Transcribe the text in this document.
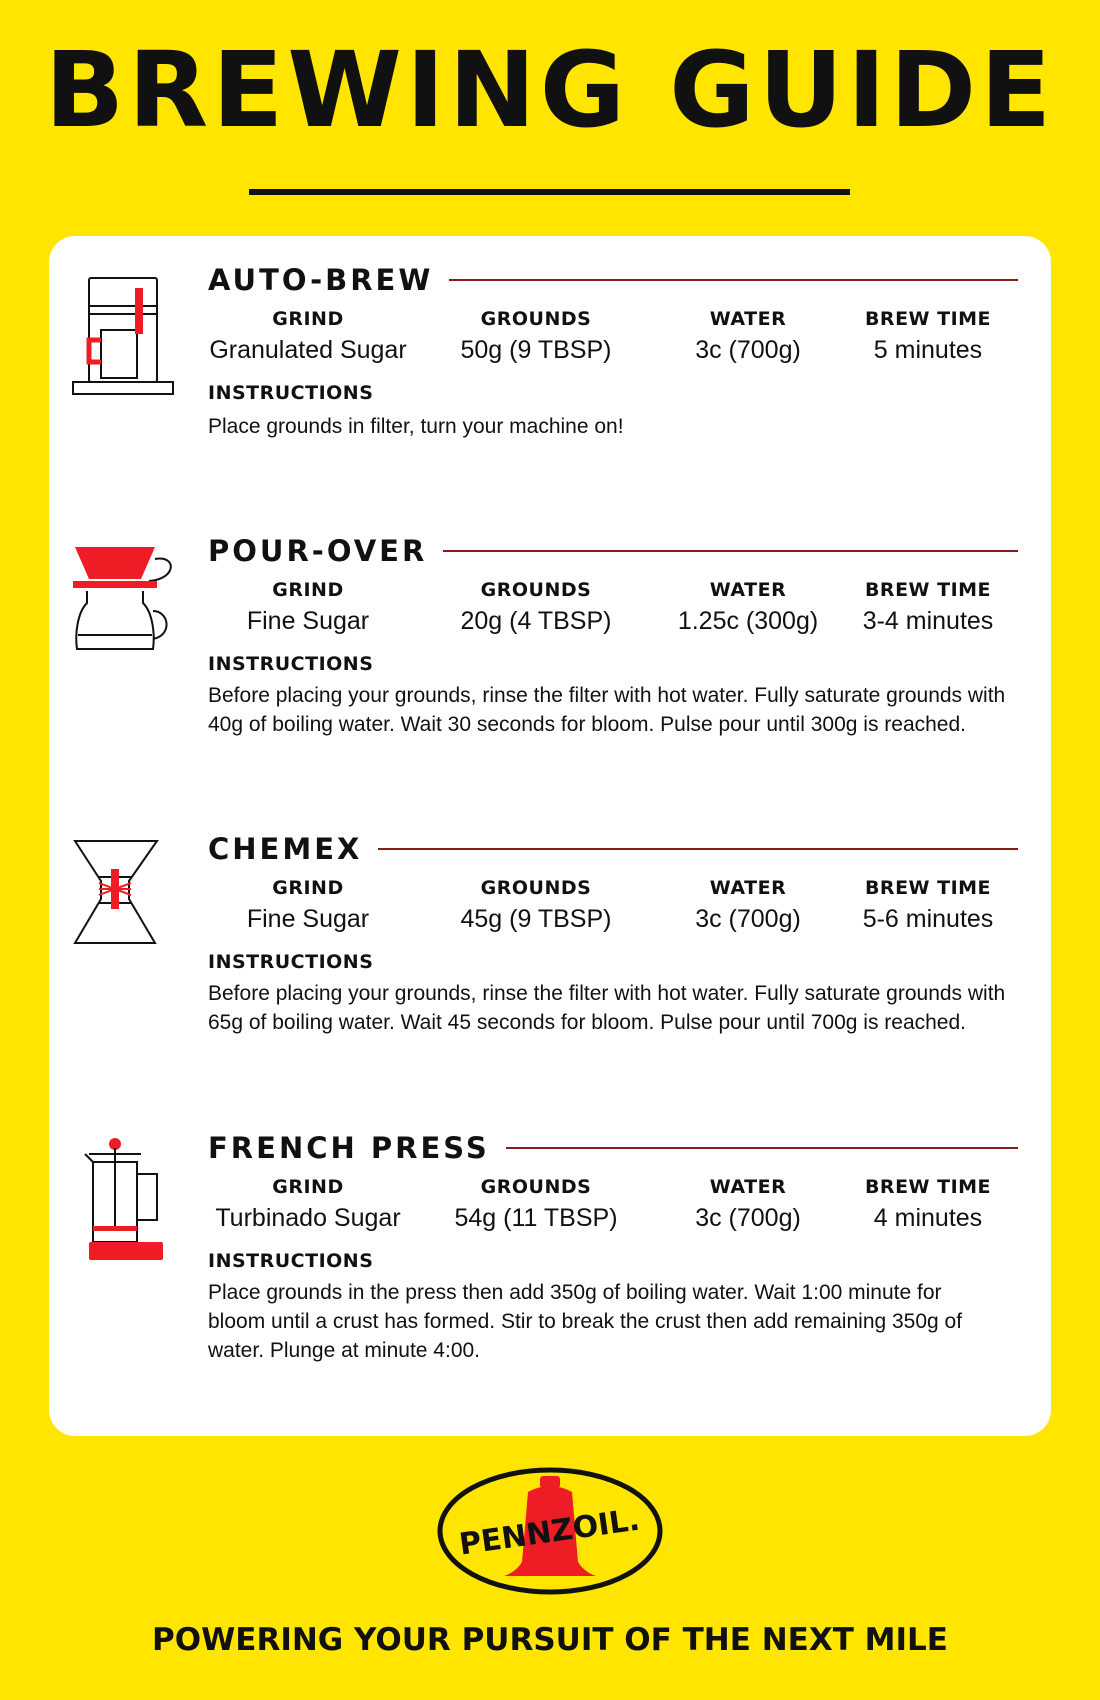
BREWING GUIDE
AUTO-BREW
GRIND
Granulated Sugar
GROUNDS
50g (9 TBSP)
WATER
3c (700g)
BREW TIME
5 minutes
INSTRUCTIONS
Place grounds in filter, turn your machine on!
POUR-OVER
GRIND
Fine Sugar
GROUNDS
20g (4 TBSP)
WATER
1.25c (300g)
BREW TIME
3-4 minutes
INSTRUCTIONS
Before placing your grounds, rinse the filter with hot water. Fully saturate grounds with 40g of boiling water. Wait 30 seconds for bloom. Pulse pour until 300g is reached.
CHEMEX
GRIND
Fine Sugar
GROUNDS
45g (9 TBSP)
WATER
3c (700g)
BREW TIME
5-6 minutes
INSTRUCTIONS
Before placing your grounds, rinse the filter with hot water. Fully saturate grounds with 65g of boiling water. Wait 45 seconds for bloom. Pulse pour until 700g is reached.
FRENCH PRESS
GRIND
Turbinado Sugar
GROUNDS
54g (11 TBSP)
WATER
3c (700g)
BREW TIME
4 minutes
INSTRUCTIONS
Place grounds in the press then add 350g of boiling water. Wait 1:00 minute for bloom until a crust has formed. Stir to break the crust then add remaining 350g of water. Plunge at minute 4:00.
PENNZOIL.
POWERING YOUR PURSUIT OF THE NEXT MILE
